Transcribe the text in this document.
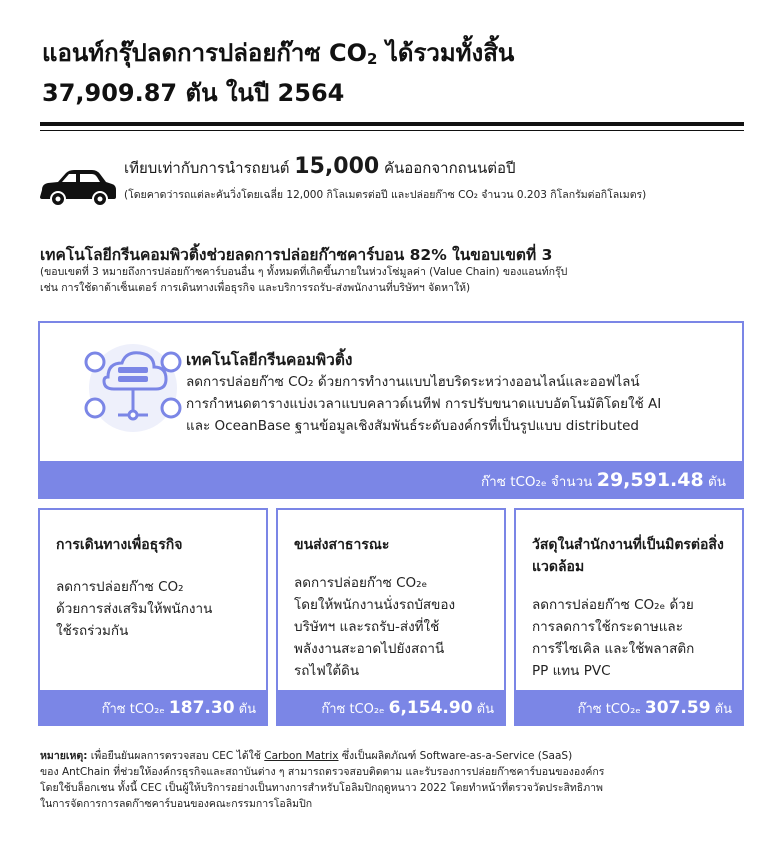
แอนท์กรุ๊ปลดการปล่อยก๊าซ $CO_2$ ได้รวมทั้งสิ้น
37,909.87 ตัน ในปี 2564
เทียบเท่ากับการนำรถยนต์ 15,000 คันออกจากถนนต่อปี
(โดยคาดว่ารถแต่ละคันวิ่งโดยเฉลี่ย 12,000 กิโลเมตรต่อปี และปล่อยก๊าซ CO₂ จำนวน 0.203 กิโลกรัมต่อกิโลเมตร)
เทคโนโลยีกรีนคอมพิวติ้งช่วยลดการปล่อยก๊าซคาร์บอน 82% ในขอบเขตที่ 3
(ขอบเขตที่ 3 หมายถึงการปล่อยก๊าซคาร์บอนอื่น ๆ ทั้งหมดที่เกิดขึ้นภายในห่วงโซ่มูลค่า (Value Chain) ของแอนท์กรุ๊ป
เช่น การใช้ดาต้าเซ็นเตอร์ การเดินทางเพื่อธุรกิจ และบริการรถรับ-ส่งพนักงานที่บริษัทฯ จัดหาให้)
เทคโนโลยีกรีนคอมพิวติ้ง
ลดการปล่อยก๊าซ CO₂ ด้วยการทำงานแบบไฮบริดระหว่างออนไลน์และออฟไลน์
การกำหนดตารางแบ่งเวลาแบบคลาวด์เนทีฟ การปรับขนาดแบบอัตโนมัติโดยใช้ AI
และ OceanBase ฐานข้อมูลเชิงสัมพันธ์ระดับองค์กรที่เป็นรูปแบบ distributed
ก๊าซ tCO₂ₑ จำนวน 29,591.48 ตัน
การเดินทางเพื่อธุรกิจ
ลดการปล่อยก๊าซ CO₂
ด้วยการส่งเสริมให้พนักงาน
ใช้รถร่วมกัน
ก๊าซ tCO₂ₑ 187.30 ตัน
ขนส่งสาธารณะ
ลดการปล่อยก๊าซ CO₂ₑ
โดยให้พนักงานนั่งรถบัสของ
บริษัทฯ และรถรับ-ส่งที่ใช้
พลังงานสะอาดไปยังสถานี
รถไฟใต้ดิน
ก๊าซ tCO₂ₑ 6,154.90 ตัน
วัสดุในสำนักงานที่เป็นมิตรต่อสิ่งแวดล้อม
ลดการปล่อยก๊าซ CO₂ₑ ด้วย
การลดการใช้กระดาษและ
การรีไซเคิล และใช้พลาสติก
PP แทน PVC
ก๊าซ tCO₂ₑ 307.59 ตัน
หมายเหตุ: เพื่อยืนยันผลการตรวจสอบ CEC ได้ใช้ Carbon Matrix ซึ่งเป็นผลิตภัณฑ์ Software-as-a-Service (SaaS)
ของ AntChain ที่ช่วยให้องค์กรธุรกิจและสถาบันต่าง ๆ สามารถตรวจสอบติดตาม และรับรองการปล่อยก๊าซคาร์บอนขององค์กร
โดยใช้บล็อกเชน ทั้งนี้ CEC เป็นผู้ให้บริการอย่างเป็นทางการสำหรับโอลิมปิกฤดูหนาว 2022 โดยทำหน้าที่ตรวจวัดประสิทธิภาพ
ในการจัดการการลดก๊าซคาร์บอนของคณะกรรมการโอลิมปิก
